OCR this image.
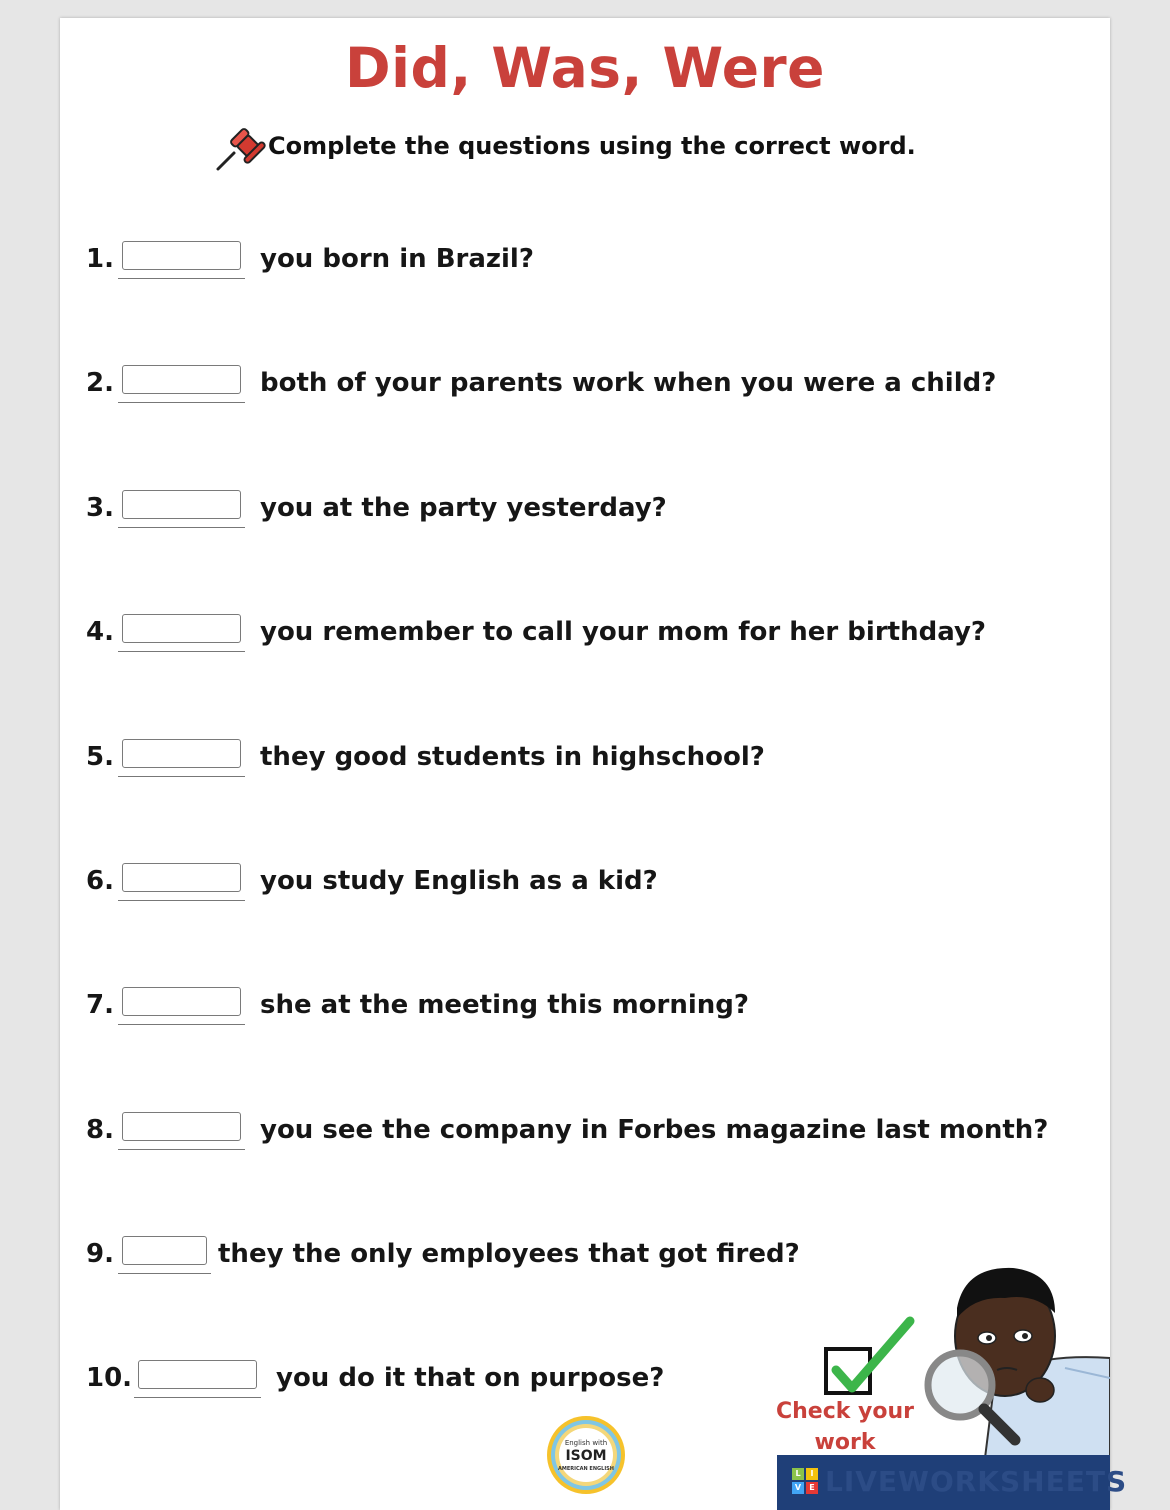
Did, Was, Were
Complete the questions using the correct word.
1.	you born in Brazil?
2.	both of your parents work when you were a child?
3.	you at the party yesterday?
4.	you remember to call your mom for her birthday?
5.	they good students in highschool?
6.	you study English as a kid?
7.	she at the meeting this morning?
8.	you see the company in Forbes magazine last month?
9.	they the only employees that got fired?
10.	you do it that on purpose?
English with
ISOM
AMERICAN ENGLISH
Check your
work
L	I
V	E LIVEWORKSHEETS
